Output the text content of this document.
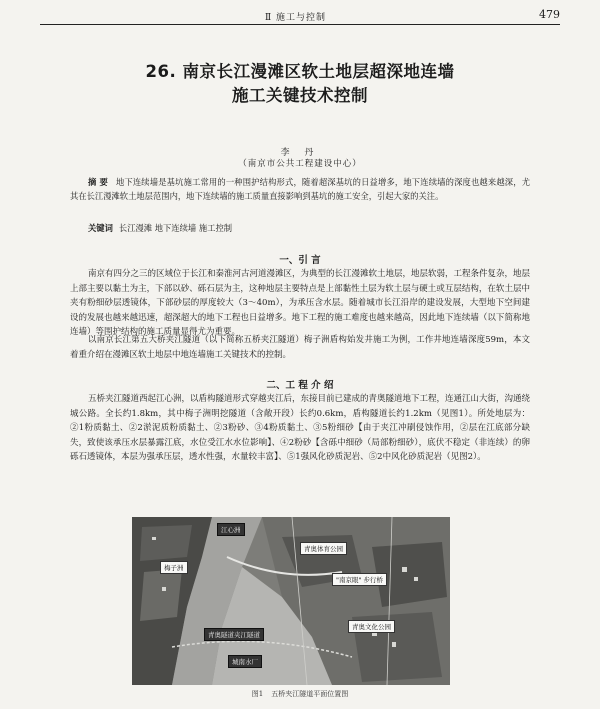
Ⅱ 施工与控制	479
26. 南京长江漫滩区软土地层超深地连墙
施工关键技术控制
李 丹
（南京市公共工程建设中心）
摘 要 地下连续墙是基坑施工常用的一种围护结构形式，随着超深基坑的日益增多，地下连续墙的深度也越来越深，尤其在长江漫滩软土地层范围内，地下连续墙的施工质量直接影响到基坑的施工安全，引起大家的关注。
关键词 长江漫滩 地下连续墙 施工控制
一、引 言
南京有四分之三的区域位于长江和秦淮河古河道漫滩区，为典型的长江漫滩软土地层，地层软弱，工程条件复杂，地层上部主要以黏土为主，下部以砂、砾石层为主，这种地层主要特点是上部黏性土层为软土层与硬土或互层结构，在软土层中夹有粉细砂层透镜体，下部砂层的厚度较大（3～40m），为承压含水层。随着城市长江沿岸的建设发展，大型地下空间建设的发展也越来越迅速，超深超大的地下工程也日益增多。地下工程的施工难度也越来越高，因此地下连续墙（以下简称地连墙）等围护结构的施工质量显得尤为重要。
以南京长江第五大桥夹江隧道（以下简称五桥夹江隧道）梅子洲盾构始发井施工为例，工作井地连墙深度59m，本文着重介绍在漫滩区软土地层中地连墙施工关键技术的控制。
二、工 程 介 绍
五桥夹江隧道西起江心洲，以盾构隧道形式穿越夹江后，东接目前已建成的青奥隧道地下工程，连通江山大街，沟通绕城公路。全长约1.8km，其中梅子洲明挖隧道（含敞开段）长约0.6km，盾构隧道长约1.2km（见图1）。所处地层为：②1粉质黏土、②2淤泥质粉质黏土、②3粉砂、③4粉质黏土、③5粉细砂【由于夹江冲刷侵蚀作用，②层在江底部分缺失，致使该承压水层暴露江底，水位受江水水位影响】、④2粉砂【含砾中细砂（局部粉细砂），底伏不稳定（非连续）的卵砾石透镜体，本层为强承压层，透水性强，水量较丰富】、⑤1强风化砂质泥岩、⑤2中风化砂质泥岩（见图2）。
江心洲
梅子洲
青奥体育公园
"南京眼" 步行桥
青奥隧道夹江隧道
青奥文化公园
城南水厂
图1 五桥夹江隧道平面位置图
